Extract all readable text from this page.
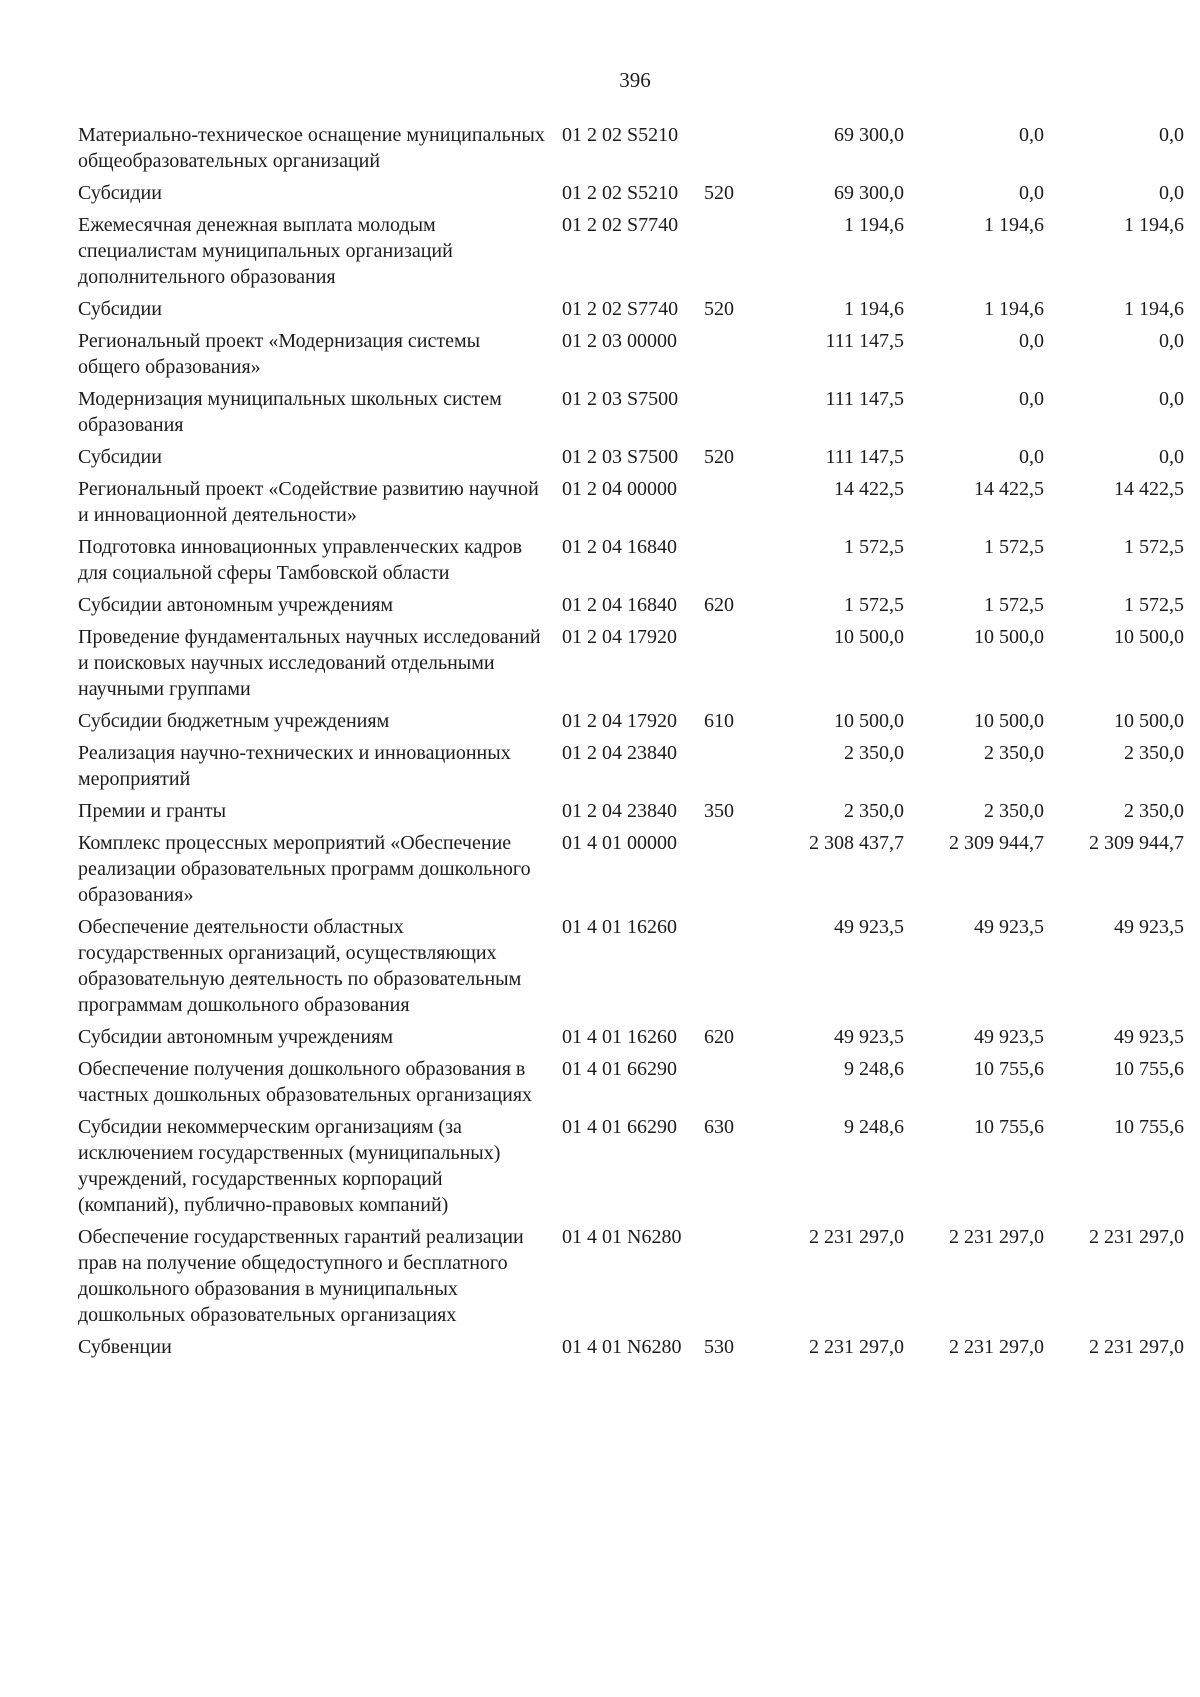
396
Материально-техническое оснащение муниципальных общеобразовательных организаций	01 2 02 S5210		69 300,0	0,0	0,0
Субсидии	01 2 02 S5210	520	69 300,0	0,0	0,0
Ежемесячная денежная выплата молодым специалистам муниципальных организаций дополнительного образования	01 2 02 S7740		1 194,6	1 194,6	1 194,6
Субсидии	01 2 02 S7740	520	1 194,6	1 194,6	1 194,6
Региональный проект «Модернизация системы общего образования»	01 2 03 00000		111 147,5	0,0	0,0
Модернизация муниципальных школьных систем образования	01 2 03 S7500		111 147,5	0,0	0,0
Субсидии	01 2 03 S7500	520	111 147,5	0,0	0,0
Региональный проект «Содействие развитию научной и инновационной деятельности»	01 2 04 00000		14 422,5	14 422,5	14 422,5
Подготовка инновационных управленческих кадров для социальной сферы Тамбовской области	01 2 04 16840		1 572,5	1 572,5	1 572,5
Субсидии автономным учреждениям	01 2 04 16840	620	1 572,5	1 572,5	1 572,5
Проведение фундаментальных научных исследований и поисковых научных исследований отдельными научными группами	01 2 04 17920		10 500,0	10 500,0	10 500,0
Субсидии бюджетным учреждениям	01 2 04 17920	610	10 500,0	10 500,0	10 500,0
Реализация научно-технических и инновационных мероприятий	01 2 04 23840		2 350,0	2 350,0	2 350,0
Премии и гранты	01 2 04 23840	350	2 350,0	2 350,0	2 350,0
Комплекс процессных мероприятий «Обеспечение реализации образовательных программ дошкольного образования»	01 4 01 00000		2 308 437,7	2 309 944,7	2 309 944,7
Обеспечение деятельности областных государственных организаций, осуществляющих образовательную деятельность по образовательным программам дошкольного образования	01 4 01 16260		49 923,5	49 923,5	49 923,5
Субсидии автономным учреждениям	01 4 01 16260	620	49 923,5	49 923,5	49 923,5
Обеспечение получения дошкольного образования в частных дошкольных образовательных организациях	01 4 01 66290		9 248,6	10 755,6	10 755,6
Субсидии некоммерческим организациям (за исключением государственных (муниципальных) учреждений, государственных корпораций (компаний), публично-правовых компаний)	01 4 01 66290	630	9 248,6	10 755,6	10 755,6
Обеспечение государственных гарантий реализации прав на получение общедоступного и бесплатного дошкольного образования в муниципальных дошкольных образовательных организациях	01 4 01 N6280		2 231 297,0	2 231 297,0	2 231 297,0
Субвенции	01 4 01 N6280	530	2 231 297,0	2 231 297,0	2 231 297,0
